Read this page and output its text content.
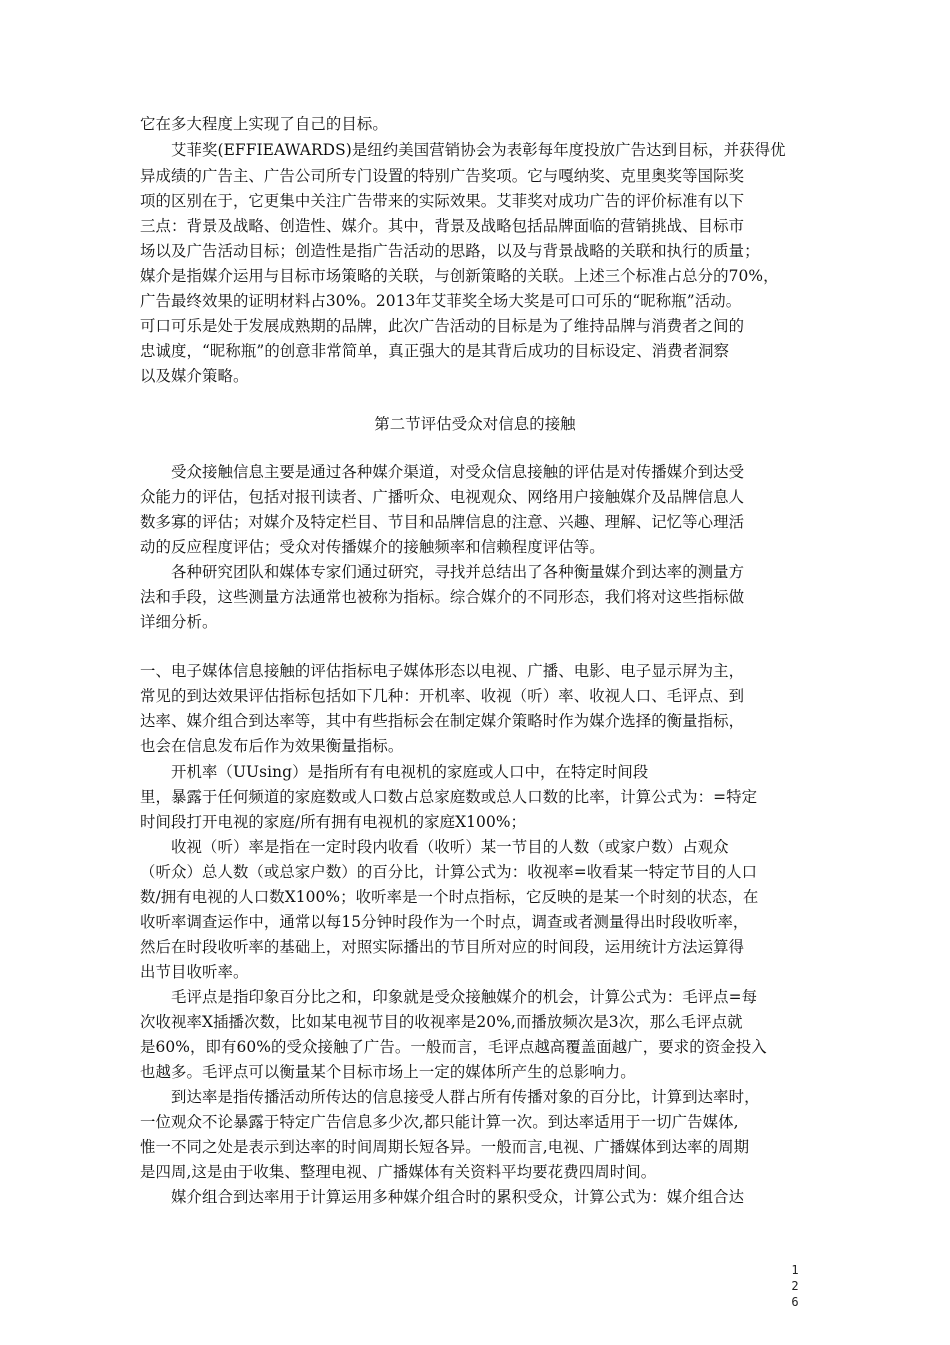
它在多大程度上实现了自己的目标。
艾菲奖(EFFIEAWARDS)是纽约美国营销协会为表彰每年度投放广告达到目标，并获得优
异成绩的广告主、广告公司所专门设置的特别广告奖项。它与嘎纳奖、克里奥奖等国际奖
项的区别在于，它更集中关注广告带来的实际效果。艾菲奖对成功广告的评价标准有以下
三点：背景及战略、创造性、媒介。其中，背景及战略包括品牌面临的营销挑战、目标市
场以及广告活动目标；创造性是指广告活动的思路，以及与背景战略的关联和执行的质量；
媒介是指媒介运用与目标市场策略的关联，与创新策略的关联。上述三个标准占总分的70%，
广告最终效果的证明材料占30%。2013年艾菲奖全场大奖是可口可乐的“昵称瓶”活动。
可口可乐是处于发展成熟期的品牌，此次广告活动的目标是为了维持品牌与消费者之间的
忠诚度，“昵称瓶”的创意非常简单，真正强大的是其背后成功的目标设定、消费者洞察
以及媒介策略。
第二节评估受众对信息的接触
受众接触信息主要是通过各种媒介渠道，对受众信息接触的评估是对传播媒介到达受
众能力的评估，包括对报刊读者、广播听众、电视观众、网络用户接触媒介及品牌信息人
数多寡的评估；对媒介及特定栏目、节目和品牌信息的注意、兴趣、理解、记忆等心理活
动的反应程度评估；受众对传播媒介的接触频率和信赖程度评估等。
各种研究团队和媒体专家们通过研究，寻找并总结出了各种衡量媒介到达率的测量方
法和手段，这些测量方法通常也被称为指标。综合媒介的不同形态，我们将对这些指标做
详细分析。
一、电子媒体信息接触的评估指标电子媒体形态以电视、广播、电影、电子显示屏为主，
常见的到达效果评估指标包括如下几种：开机率、收视（听）率、收视人口、毛评点、到
达率、媒介组合到达率等，其中有些指标会在制定媒介策略时作为媒介选择的衡量指标，
也会在信息发布后作为效果衡量指标。
开机率（UUsing）是指所有有电视机的家庭或人口中，在特定时间段
里，暴露于任何频道的家庭数或人口数占总家庭数或总人口数的比率，计算公式为：=特定
时间段打开电视的家庭/所有拥有电视机的家庭X100%；
收视（听）率是指在一定时段内收看（收听）某一节目的人数（或家户数）占观众
（听众）总人数（或总家户数）的百分比，计算公式为：收视率=收看某一特定节目的人口
数/拥有电视的人口数X100%；收听率是一个时点指标，它反映的是某一个时刻的状态，在
收听率调查运作中，通常以每15分钟时段作为一个时点，调查或者测量得出时段收听率，
然后在时段收听率的基础上，对照实际播出的节目所对应的时间段，运用统计方法运算得
出节目收听率。
毛评点是指印象百分比之和，印象就是受众接触媒介的机会，计算公式为：毛评点=每
次收视率X插播次数，比如某电视节目的收视率是20%,而播放频次是3次，那么毛评点就
是60%，即有60%的受众接触了广告。一般而言，毛评点越高覆盖面越广，要求的资金投入
也越多。毛评点可以衡量某个目标市场上一定的媒体所产生的总影响力。
到达率是指传播活动所传达的信息接受人群占所有传播对象的百分比，计算到达率时，
一位观众不论暴露于特定广告信息多少次,都只能计算一次。到达率适用于一切广告媒体,
惟一不同之处是表示到达率的时间周期长短各异。一般而言,电视、广播媒体到达率的周期
是四周,这是由于收集、整理电视、广播媒体有关资料平均要花费四周时间。
媒介组合到达率用于计算运用多种媒介组合时的累积受众，计算公式为：媒介组合达
1
2
6
